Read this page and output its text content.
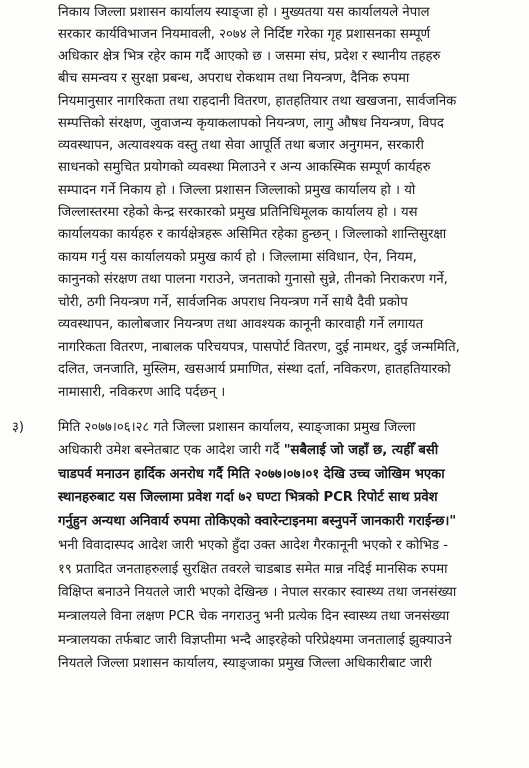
निकाय जिल्ला प्रशासन कार्यालय स्याङ्जा हो । मुख्यतया यस कार्यालयले नेपाल
सरकार कार्यविभाजन नियमावली, २०७४ ले निर्दिष्ट गरेका गृह प्रशासनका सम्पूर्ण
अधिकार क्षेत्र भित्र रहेर काम गर्दै आएको छ । जसमा संघ, प्रदेश र स्थानीय तहहरु
बीच समन्वय र सुरक्षा प्रबन्ध, अपराध रोकथाम तथा नियन्त्रण, दैनिक रुपमा
नियमानुसार नागरिकता तथा राहदानी वितरण, हातहतियार तथा खखजना, सार्वजनिक
सम्पत्तिको संरक्षण, जुवाजन्य कृयाकलापको नियन्त्रण, लागु औषध नियन्त्रण, विपद
व्यवस्थापन, अत्यावश्यक वस्तु तथा सेवा आपूर्ति तथा बजार अनुगमन, सरकारी
साधनको समुचित प्रयोगको व्यवस्था मिलाउने र अन्य आकस्मिक सम्पूर्ण कार्यहरु
सम्पादन गर्ने निकाय हो । जिल्ला प्रशासन जिल्लाको प्रमुख कार्यालय हो । यो
जिल्लास्तरमा रहेको केन्द्र सरकारको प्रमुख प्रतिनिधिमूलक कार्यालय हो । यस
कार्यालयका कार्यहरु र कार्यक्षेत्रहरू असिमित रहेका हुन्छन् । जिल्लाको शान्तिसुरक्षा
कायम गर्नु यस कार्यालयको प्रमुख कार्य हो । जिल्लामा संविधान, ऐन, नियम,
कानुनको संरक्षण तथा पालना गराउने, जनताको गुनासो सुन्ने, तीनको निराकरण गर्ने,
चोरी, ठगी नियन्त्रण गर्ने, सार्वजनिक अपराध नियन्त्रण गर्ने साथै दैवी प्रकोप
व्यवस्थापन, कालोबजार नियन्त्रण तथा आवश्यक कानूनी कारवाही गर्ने लगायत
नागरिकता वितरण, नाबालक परिचयपत्र, पासपोर्ट वितरण, दुई नामथर, दुई जन्ममिति,
दलित, जनजाति, मुस्लिम, खसआर्य प्रमाणित, संस्था दर्ता, नविकरण, हातहतियारको
नामासारी, नविकरण आदि पर्दछन् ।
३)	मिति २०७७।०६।२८ गते जिल्ला प्रशासन कार्यालय, स्याङ्जाका प्रमुख जिल्ला
अधिकारी उमेश बस्नेतबाट एक आदेश जारी गर्दै "सबैलाई जो जहाँ छ, त्यहीँ बसी
चाडपर्व मनाउन हार्दिक अनरोध गर्दै मिति २०७७।०७।०१ देखि उच्च जोखिम भएका
स्थानहरुबाट यस जिल्लामा प्रवेश गर्दा ७२ घण्टा भित्रको PCR रिपोर्ट साथ प्रवेश
गर्नुहुन अन्यथा अनिवार्य रुपमा तोकिएको क्वारेन्टाइनमा बस्नुपर्ने जानकारी गराईन्छ।"
भनी विवादास्पद आदेश जारी भएको हुँदा उक्त आदेश गैरकानूनी भएको र कोभिड -
१९ प्रतादित जनताहरुलाई सुरक्षित तवरले चाडबाड समेत मान्न नदिई मानसिक रुपमा
विक्षिप्त बनाउने नियतले जारी भएको देखिन्छ । नेपाल सरकार स्वास्थ्य तथा जनसंख्या
मन्त्रालयले विना लक्षण PCR चेक नगराउनु भनी प्रत्येक दिन स्वास्थ्य तथा जनसंख्या
मन्त्रालयका तर्फबाट जारी विज्ञप्तीमा भन्दै आइरहेको परिप्रेक्ष्यमा जनतालाई झुक्याउने
नियतले जिल्ला प्रशासन कार्यालय, स्याङ्जाका प्रमुख जिल्ला अधिकारीबाट जारी
